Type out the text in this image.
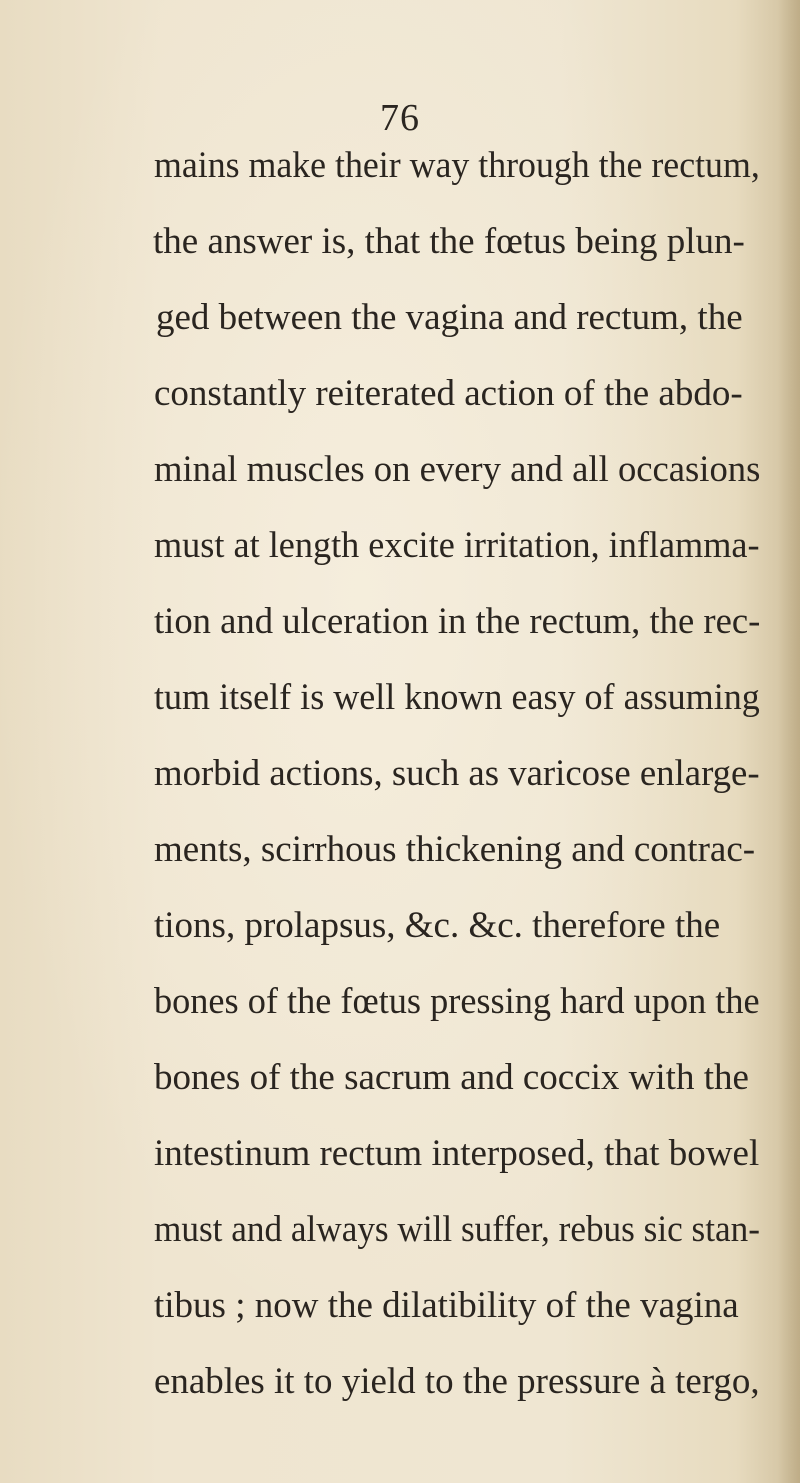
76
mains make their way through the rectum,
the answer is, that the fœtus being plun-
ged between the vagina and rectum, the
constantly reiterated action of the abdo-
minal muscles on every and all occasions
must at length excite irritation, inflamma-
tion and ulceration in the rectum, the rec-
tum itself is well known easy of assuming
morbid actions, such as varicose enlarge-
ments, scirrhous thickening and contrac-
tions, prolapsus, &c. &c. therefore the
bones of the fœtus pressing hard upon the
bones of the sacrum and coccix with the
intestinum rectum interposed, that bowel
must and always will suffer, rebus sic stan-
tibus ; now the dilatibility of the vagina
enables it to yield to the pressure à tergo,
